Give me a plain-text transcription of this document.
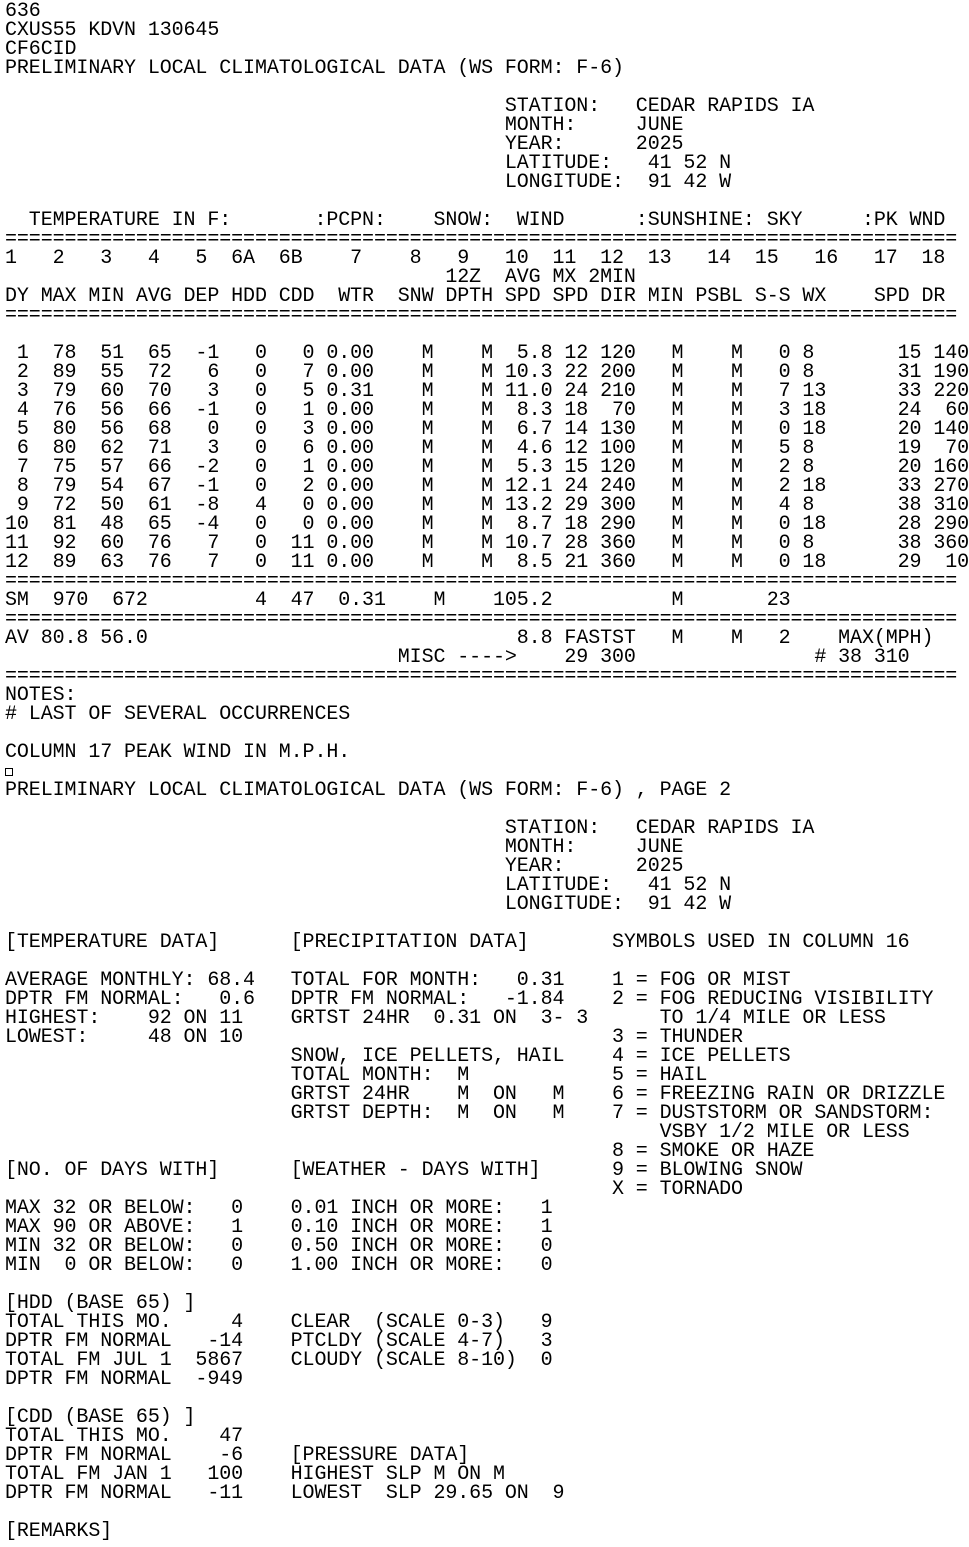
636
CXUS55 KDVN 130645
CF6CID
PRELIMINARY LOCAL CLIMATOLOGICAL DATA (WS FORM: F-6)

STATION:   CEDAR RAPIDS IA
MONTH:     JUNE
YEAR:      2025
LATITUDE:   41 52 N
LONGITUDE:  91 42 W

TEMPERATURE IN F:       :PCPN:    SNOW:  WIND      :SUNSHINE: SKY     :PK WND
================================================================================
1   2   3   4   5  6A  6B    7    8   9   10  11  12  13   14  15   16   17  18
12Z  AVG MX 2MIN
DY MAX MIN AVG DEP HDD CDD  WTR  SNW DPTH SPD SPD DIR MIN PSBL S-S WX    SPD DR
================================================================================

1  78  51  65  -1   0   0 0.00    M    M  5.8 12 120   M    M   0 8       15 140
2  89  55  72   6   0   7 0.00    M    M 10.3 22 200   M    M   0 8       31 190
3  79  60  70   3   0   5 0.31    M    M 11.0 24 210   M    M   7 13      33 220
4  76  56  66  -1   0   1 0.00    M    M  8.3 18  70   M    M   3 18      24  60
5  80  56  68   0   0   3 0.00    M    M  6.7 14 130   M    M   0 18      20 140
6  80  62  71   3   0   6 0.00    M    M  4.6 12 100   M    M   5 8       19  70
7  75  57  66  -2   0   1 0.00    M    M  5.3 15 120   M    M   2 8       20 160
8  79  54  67  -1   0   2 0.00    M    M 12.1 24 240   M    M   2 18      33 270
9  72  50  61  -8   4   0 0.00    M    M 13.2 29 300   M    M   4 8       38 310
10  81  48  65  -4   0   0 0.00    M    M  8.7 18 290   M    M   0 18      28 290
11  92  60  76   7   0  11 0.00    M    M 10.7 28 360   M    M   0 8       38 360
12  89  63  76   7   0  11 0.00    M    M  8.5 21 360   M    M   0 18      29  10
================================================================================
SM  970  672         4  47  0.31    M    105.2          M       23
================================================================================
AV 80.8 56.0                               8.8 FASTST   M    M   2    MAX(MPH)
MISC ---->    29 300               # 38 310
================================================================================
NOTES:
# LAST OF SEVERAL OCCURRENCES

COLUMN 17 PEAK WIND IN M.P.H.

PRELIMINARY LOCAL CLIMATOLOGICAL DATA (WS FORM: F-6) , PAGE 2

STATION:   CEDAR RAPIDS IA
MONTH:     JUNE
YEAR:      2025
LATITUDE:   41 52 N
LONGITUDE:  91 42 W

[TEMPERATURE DATA]      [PRECIPITATION DATA]       SYMBOLS USED IN COLUMN 16

AVERAGE MONTHLY: 68.4   TOTAL FOR MONTH:   0.31    1 = FOG OR MIST
DPTR FM NORMAL:   0.6   DPTR FM NORMAL:   -1.84    2 = FOG REDUCING VISIBILITY
HIGHEST:    92 ON 11    GRTST 24HR  0.31 ON  3- 3      TO 1/4 MILE OR LESS
LOWEST:     48 ON 10                               3 = THUNDER
SNOW, ICE PELLETS, HAIL    4 = ICE PELLETS
TOTAL MONTH:  M            5 = HAIL
GRTST 24HR    M  ON   M    6 = FREEZING RAIN OR DRIZZLE
GRTST DEPTH:  M  ON   M    7 = DUSTSTORM OR SANDSTORM:
VSBY 1/2 MILE OR LESS
8 = SMOKE OR HAZE
[NO. OF DAYS WITH]      [WEATHER - DAYS WITH]      9 = BLOWING SNOW
X = TORNADO
MAX 32 OR BELOW:   0    0.01 INCH OR MORE:   1
MAX 90 OR ABOVE:   1    0.10 INCH OR MORE:   1
MIN 32 OR BELOW:   0    0.50 INCH OR MORE:   0
MIN  0 OR BELOW:   0    1.00 INCH OR MORE:   0

[HDD (BASE 65) ]
TOTAL THIS MO.     4    CLEAR  (SCALE 0-3)   9
DPTR FM NORMAL   -14    PTCLDY (SCALE 4-7)   3
TOTAL FM JUL 1  5867    CLOUDY (SCALE 8-10)  0
DPTR FM NORMAL  -949

[CDD (BASE 65) ]
TOTAL THIS MO.    47
DPTR FM NORMAL    -6    [PRESSURE DATA]
TOTAL FM JAN 1   100    HIGHEST SLP M ON M
DPTR FM NORMAL   -11    LOWEST  SLP 29.65 ON  9

[REMARKS]
